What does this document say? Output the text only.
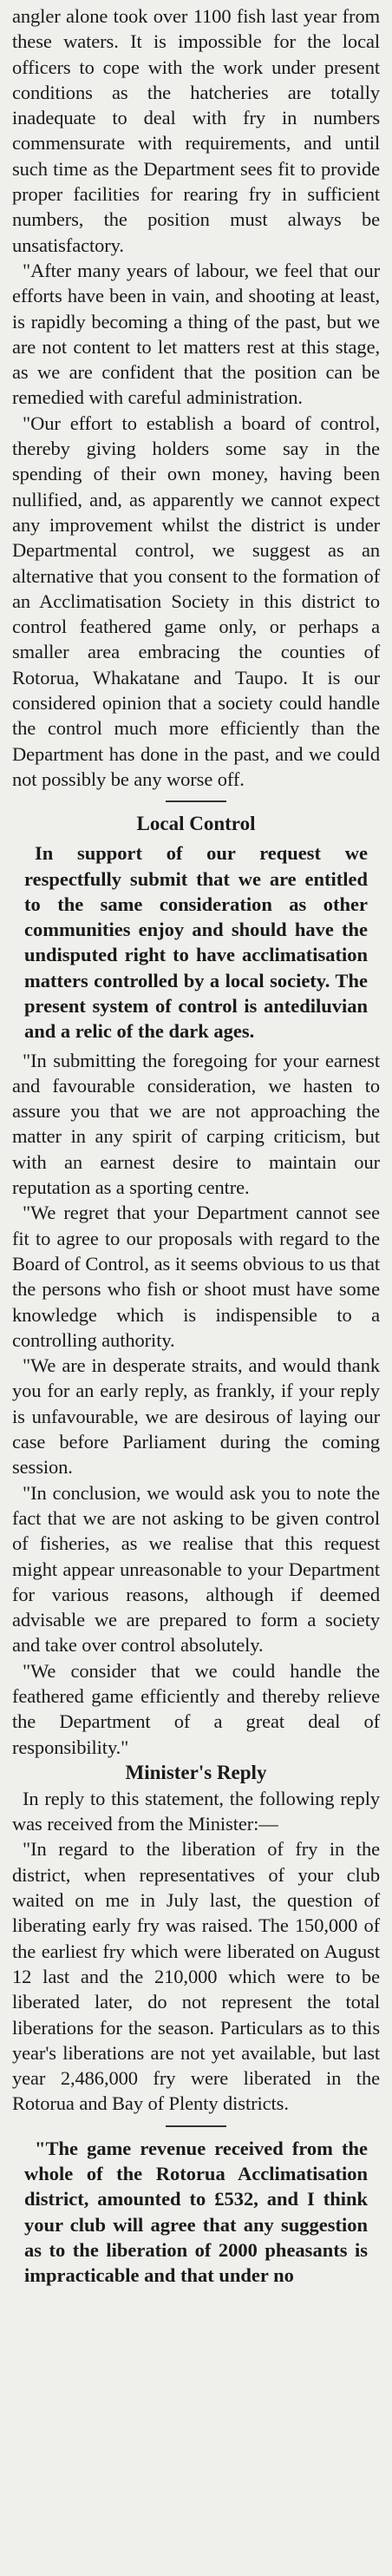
angler alone took over 1100 fish last year from these waters. It is impossible for the local officers to cope with the work under present conditions as the hatcheries are totally inadequate to deal with fry in numbers commensurate with requirements, and until such time as the Department sees fit to provide proper facilities for rearing fry in sufficient numbers, the position must always be unsatisfactory.

"After many years of labour, we feel that our efforts have been in vain, and shooting at least, is rapidly becoming a thing of the past, but we are not content to let matters rest at this stage, as we are confident that the position can be remedied with careful administration.

"Our effort to establish a board of control, thereby giving holders some say in the spending of their own money, having been nullified, and, as apparently we cannot expect any improvement whilst the district is under Departmental control, we suggest as an alternative that you consent to the formation of an Acclimatisation Society in this district to control feathered game only, or perhaps a smaller area embracing the counties of Rotorua, Whakatane and Taupo. It is our considered opinion that a society could handle the control much more efficiently than the Department has done in the past, and we could not possibly be any worse off.

Local Control

In support of our request we respectfully submit that we are entitled to the same consideration as other communities enjoy and should have the undisputed right to have acclimatisation matters controlled by a local society. The present system of control is antediluvian and a relic of the dark ages.

"In submitting the foregoing for your earnest and favourable consideration, we hasten to assure you that we are not approaching the matter in any spirit of carping criticism, but with an earnest desire to maintain our reputation as a sporting centre.

"We regret that your Department cannot see fit to agree to our proposals with regard to the Board of Control, as it seems obvious to us that the persons who fish or shoot must have some knowledge which is indispensible to a controlling authority.

"We are in desperate straits, and would thank you for an early reply, as frankly, if your reply is unfavourable, we are desirous of laying our case before Parliament during the coming session.

"In conclusion, we would ask you to note the fact that we are not asking to be given control of fisheries, as we realise that this request might appear unreasonable to your Department for various reasons, although if deemed advisable we are prepared to form a society and take over control absolutely.

"We consider that we could handle the feathered game efficiently and thereby relieve the Department of a great deal of responsibility."

Minister's Reply

In reply to this statement, the following reply was received from the Minister:—

"In regard to the liberation of fry in the district, when representatives of your club waited on me in July last, the question of liberating early fry was raised. The 150,000 of the earliest fry which were liberated on August 12 last and the 210,000 which were to be liberated later, do not represent the total liberations for the season. Particulars as to this year's liberations are not yet available, but last year 2,486,000 fry were liberated in the Rotorua and Bay of Plenty districts.

"The game revenue received from the whole of the Rotorua Acclimatisation district, amounted to £532, and I think your club will agree that any suggestion as to the liberation of 2000 pheasants is impracticable and that under no
